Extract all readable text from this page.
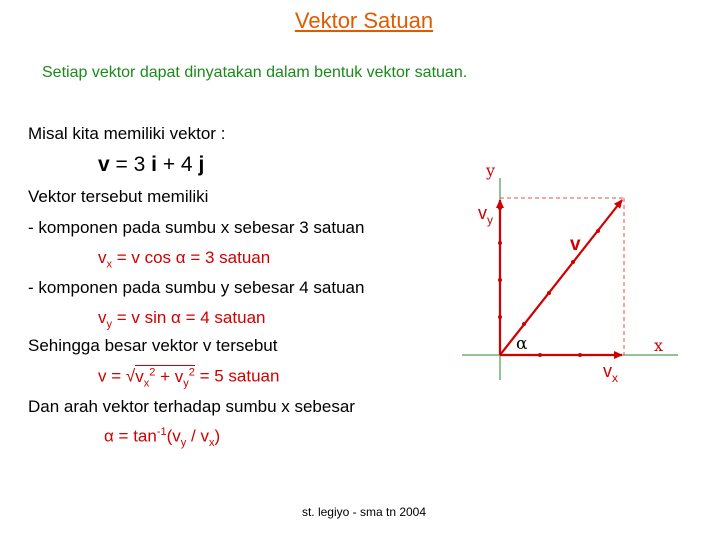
Vektor Satuan
Setiap vektor dapat dinyatakan dalam bentuk vektor satuan.
Misal kita memiliki vektor :
v = 3 i + 4 j
Vektor tersebut memiliki
- komponen pada sumbu x sebesar 3 satuan
$v_x = v$ cos α = 3 satuan
- komponen pada sumbu y sebesar 4 satuan
$v_y = v$ sin α = 4 satuan
Sehingga besar vektor v tersebut
$v = √v_x^2 + v_y^2 = 5$ satuan
Dan arah vektor terhadap sumbu x sebesar
$\alpha = \tan^{-1}(v_y / v_x)$
y
x
$v_y$
$v_x$
v
α
st. legiyo - sma tn 2004
